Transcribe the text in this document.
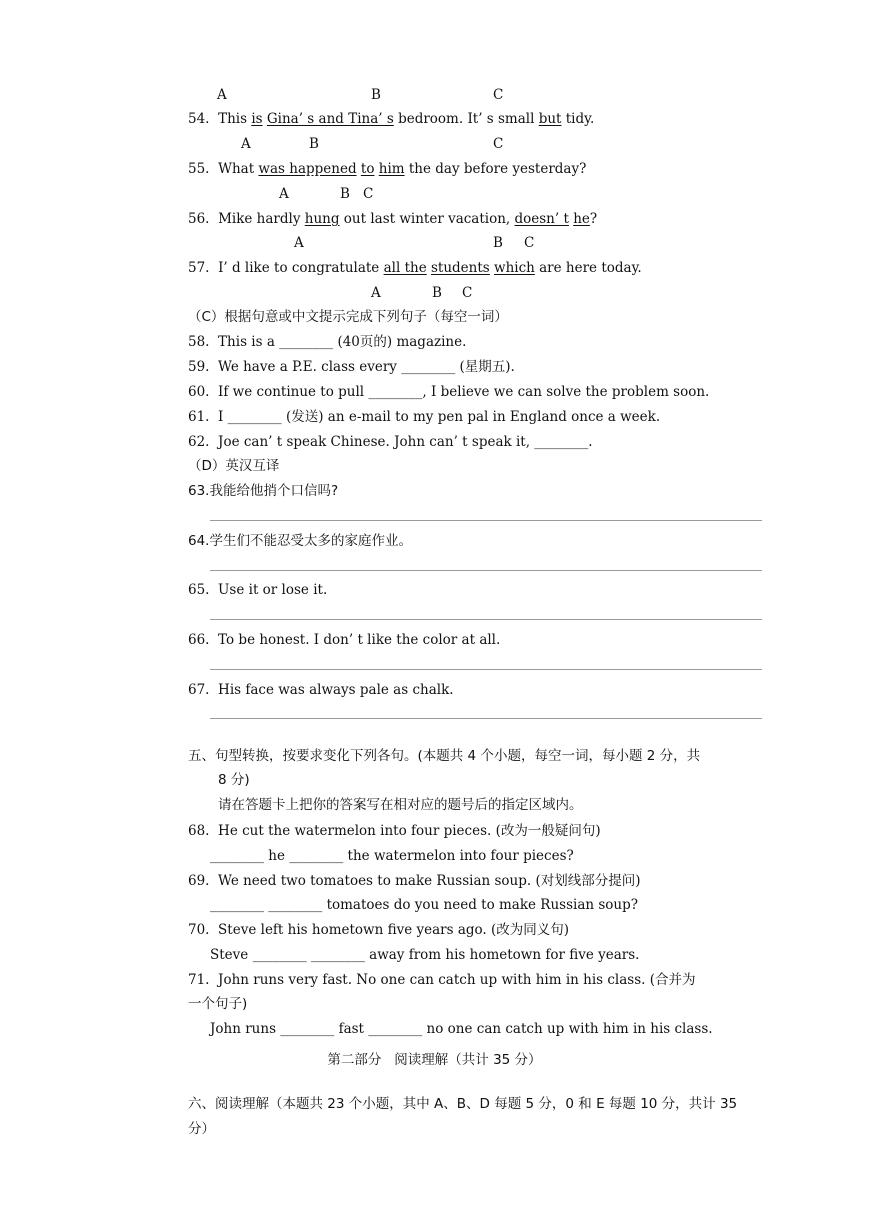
A	B	C
54. This is Gina’ s and Tina’ s bedroom. It’ s small but tidy.
A	B	C
55. What was happened to him the day before yesterday?
A	B C
56. Mike hardly hung out last winter vacation, doesn’ t he?
A	B C
57. I’ d like to congratulate all the students which are here today.
A	B C
（C）根据句意或中文提示完成下列句子（每空一词）
58.  This is a ________ (40页的) magazine.
59.  We have a P.E. class every ________ (星期五).
60.  If we continue to pull ________, I believe we can solve the problem soon.
61.  I ________ (发送) an e-mail to my pen pal in England once a week.
62.  Joe can’ t speak Chinese. John can’ t speak it, ________.
（D）英汉互译
63.我能给他捎个口信吗?
64.学生们不能忍受太多的家庭作业。
65.  Use it or lose it.
66.  To be honest. I don’ t like the color at all.
67.  His face was always pale as chalk.
五、句型转换，按要求变化下列各句。(本题共 4 个小题，每空一词，每小题 2 分，共
8 分)
请在答题卡上把你的答案写在相对应的题号后的指定区域内。
68.  He cut the watermelon into four pieces. (改为一般疑问句)
________ he ________ the watermelon into four pieces?
69.  We need two tomatoes to make Russian soup. (对划线部分提问)
________ ________ tomatoes do you need to make Russian soup?
70.  Steve left his hometown five years ago. (改为同义句)
Steve ________ ________ away from his hometown for five years.
71.  John runs very fast. No one can catch up with him in his class. (合并为
一个句子)
John runs ________ fast ________ no one can catch up with him in his class.
第二部分   阅读理解（共计 35 分）
六、阅读理解（本题共 23 个小题，其中 A、B、D 每题 5 分，0 和 E 每题 10 分，共计 35
分）
